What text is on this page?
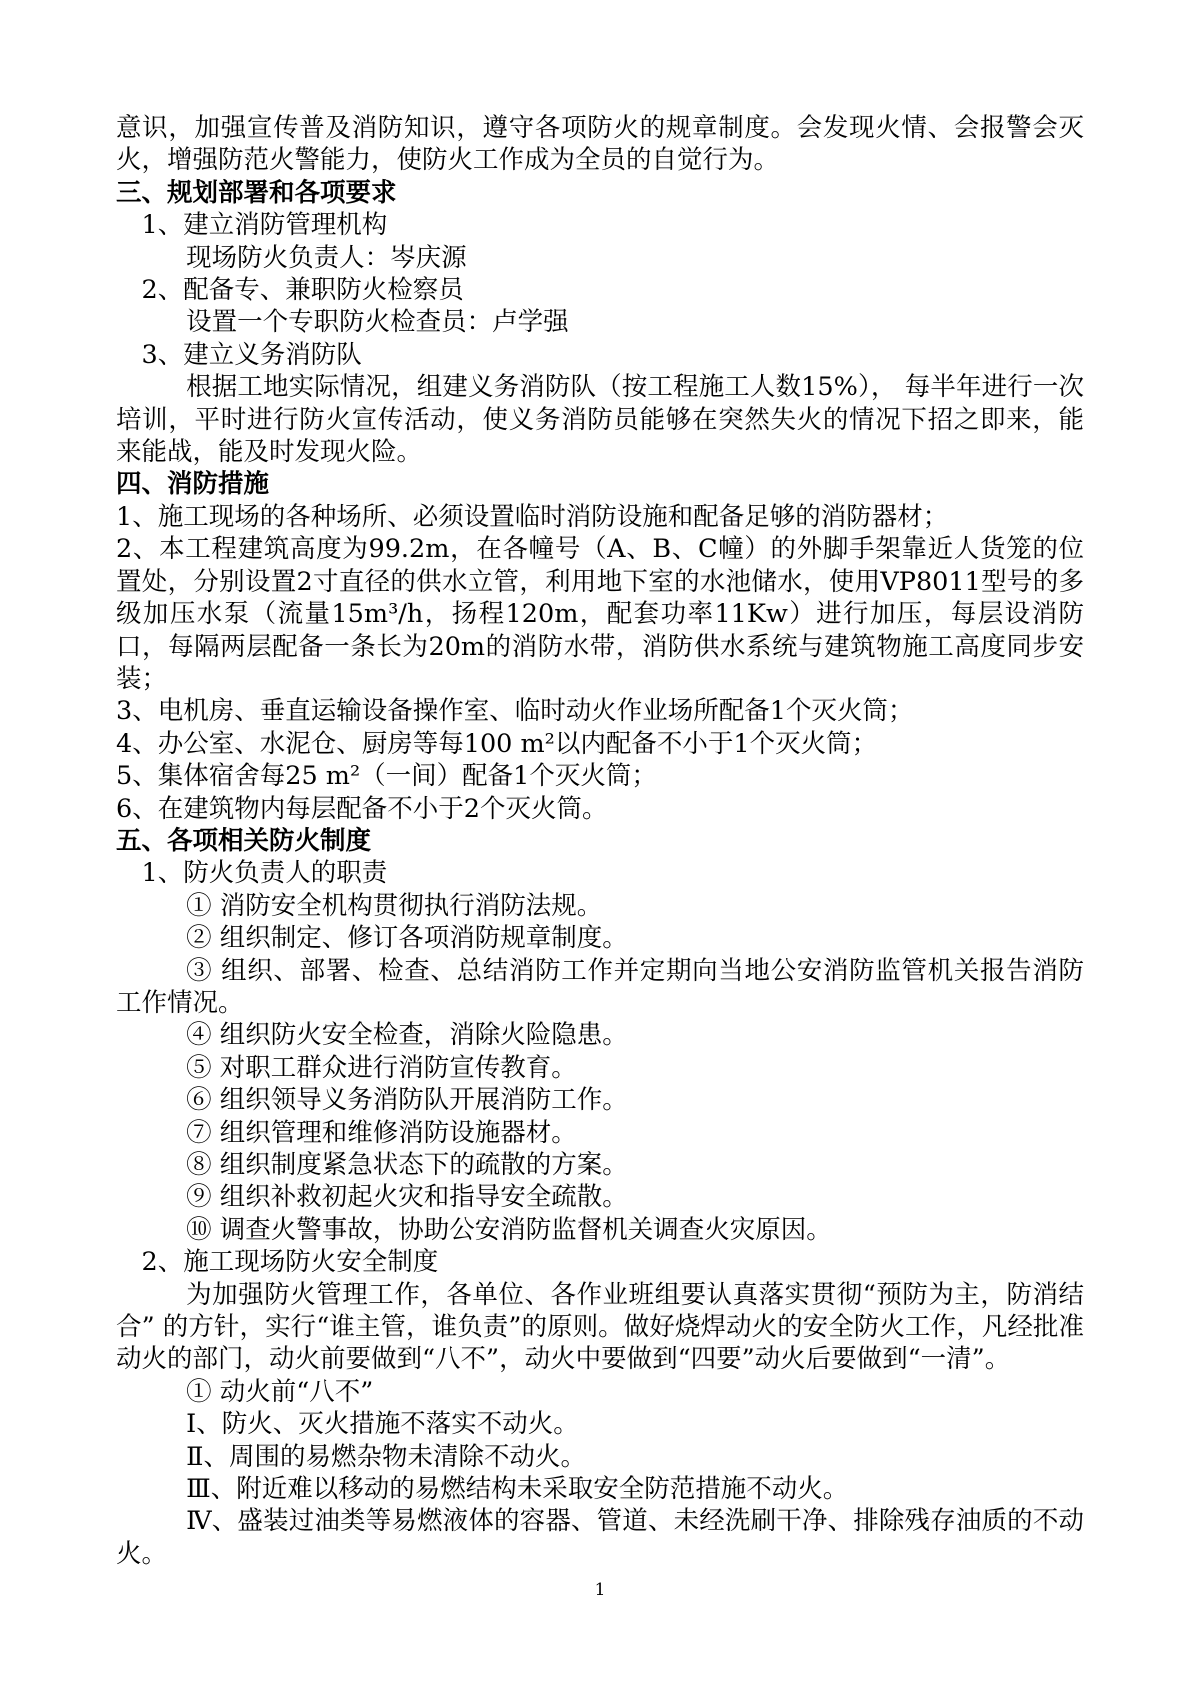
意识，加强宣传普及消防知识，遵守各项防火的规章制度。会发现火情、会报警会灭火，增强防范火警能力，使防火工作成为全员的自觉行为。

三、规划部署和各项要求

1、建立消防管理机构

现场防火负责人：岑庆源

2、配备专、兼职防火检察员

设置一个专职防火检查员：卢学强

3、建立义务消防队

根据工地实际情况，组建义务消防队（按工程施工人数15%）， 每半年进行一次培训，平时进行防火宣传活动，使义务消防员能够在突然失火的情况下招之即来，能来能战，能及时发现火险。

四、消防措施

1、施工现场的各种场所、必须设置临时消防设施和配备足够的消防器材；

2、本工程建筑高度为99.2m，在各幢号（A、B、C幢）的外脚手架靠近人货笼的位置处，分别设置2寸直径的供水立管，利用地下室的水池储水，使用VP8011型号的多级加压水泵（流量15m³/h，扬程120m，配套功率11Kw）进行加压，每层设消防口，每隔两层配备一条长为20m的消防水带，消防供水系统与建筑物施工高度同步安装；

3、电机房、垂直运输设备操作室、临时动火作业场所配备1个灭火筒；

4、办公室、水泥仓、厨房等每100 m²以内配备不小于1个灭火筒；

5、集体宿舍每25 m²（一间）配备1个灭火筒；

6、在建筑物内每层配备不小于2个灭火筒。

五、各项相关防火制度

1、防火负责人的职责

① 消防安全机构贯彻执行消防法规。

② 组织制定、修订各项消防规章制度。

③ 组织、部署、检查、总结消防工作并定期向当地公安消防监管机关报告消防工作情况。

④ 组织防火安全检查，消除火险隐患。

⑤ 对职工群众进行消防宣传教育。

⑥ 组织领导义务消防队开展消防工作。

⑦ 组织管理和维修消防设施器材。

⑧ 组织制度紧急状态下的疏散的方案。

⑨ 组织补救初起火灾和指导安全疏散。

⑩ 调查火警事故，协助公安消防监督机关调查火灾原因。

2、施工现场防火安全制度

为加强防火管理工作，各单位、各作业班组要认真落实贯彻“预防为主，防消结合” 的方针，实行“谁主管，谁负责”的原则。做好烧焊动火的安全防火工作，凡经批准动火的部门，动火前要做到“八不”，动火中要做到“四要”动火后要做到“一清”。

① 动火前“八不”

Ⅰ、防火、灭火措施不落实不动火。

Ⅱ、周围的易燃杂物未清除不动火。

Ⅲ、附近难以移动的易燃结构未采取安全防范措施不动火。

Ⅳ、盛装过油类等易燃液体的容器、管道、未经洗刷干净、排除残存油质的不动火。

1
